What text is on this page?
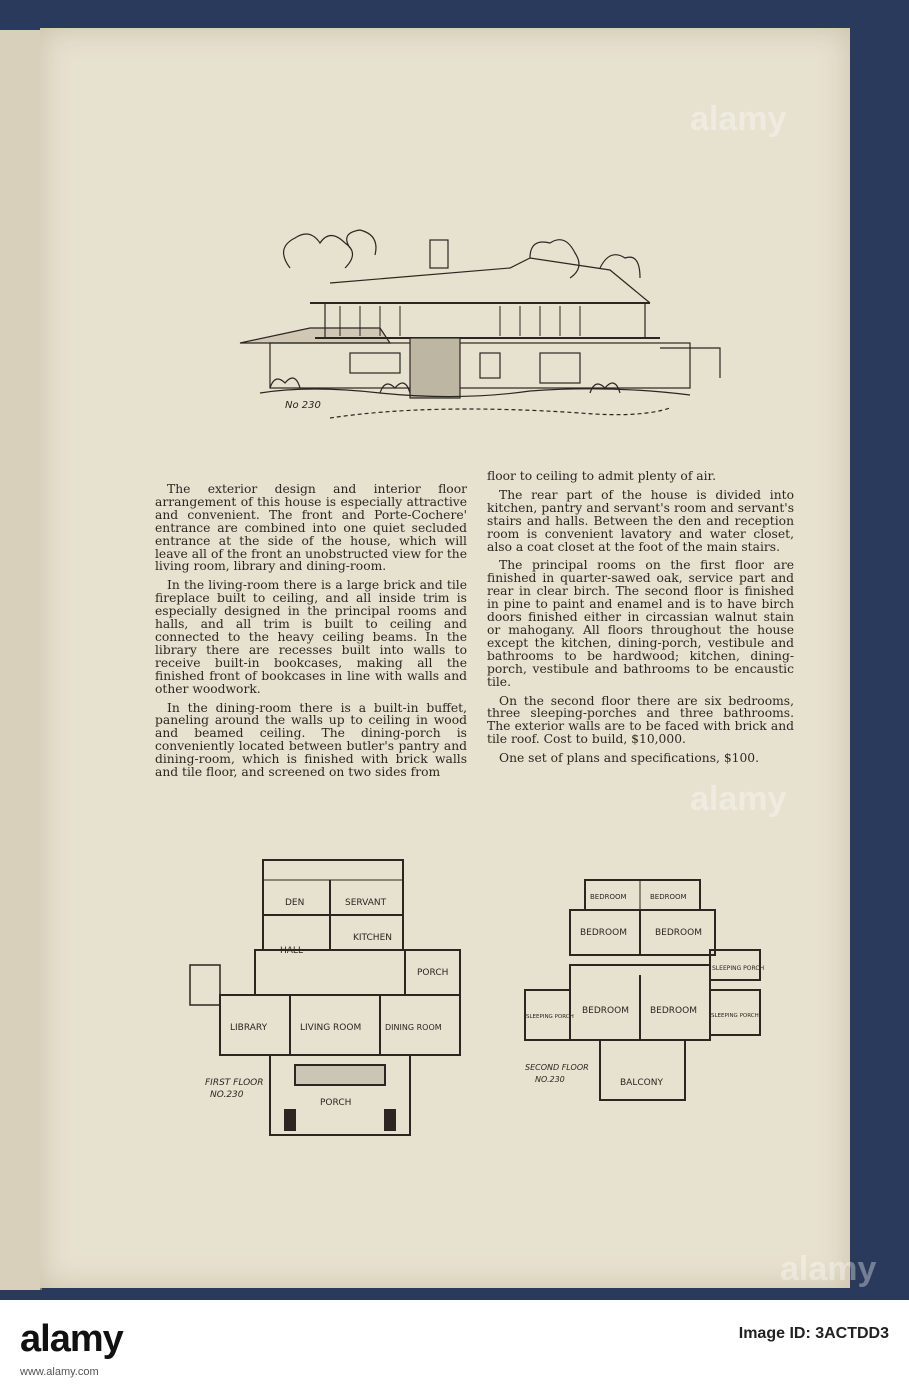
No 230

The exterior design and interior floor arrangement of this house is especially attractive and convenient. The front and Porte-Cochere' entrance are combined into one quiet secluded entrance at the side of the house, which will leave all of the front an unobstructed view for the living room, library and dining-room.

In the living-room there is a large brick and tile fireplace built to ceiling, and all inside trim is especially designed in the principal rooms and halls, and all trim is built to ceiling and connected to the heavy ceiling beams. In the library there are recesses built into walls to receive built-in bookcases, making all the finished front of bookcases in line with walls and other woodwork.

In the dining-room there is a built-in buffet, paneling around the walls up to ceiling in wood and beamed ceiling. The dining-porch is conveniently located between butler's pantry and dining-room, which is finished with brick walls and tile floor, and screened on two sides from

floor to ceiling to admit plenty of air.

The rear part of the house is divided into kitchen, pantry and servant's room and servant's stairs and halls. Between the den and reception room is convenient lavatory and water closet, also a coat closet at the foot of the main stairs.

The principal rooms on the first floor are finished in quarter-sawed oak, service part and rear in clear birch. The second floor is finished in pine to paint and enamel and is to have birch doors finished either in circassian walnut stain or mahogany. All floors throughout the house except the kitchen, dining-porch, vestibule and bathrooms to be hardwood; kitchen, dining-porch, vestibule and bathrooms to be encaustic tile.

On the second floor there are six bedrooms, three sleeping-porches and three bathrooms. The exterior walls are to be faced with brick and tile roof. Cost to build, $10,000.

One set of plans and specifications, $100.

DEN	SERVANT
HALL
KITCHEN
PORCH
LIBRARY	LIVING ROOM	DINING ROOM
PORCH
FIRST FLOOR
NO.230
BEDROOM	BEDROOM
BEDROOM	BEDROOM
SLEEPING PORCH
SLEEPING PORCH
BEDROOM BEDROOM	SLEEPING PORCH
BALCONY
SECOND FLOOR
NO.230
alamy
alamy
alamy
alamy	Image ID: 3ACTDD3
www.alamy.com
